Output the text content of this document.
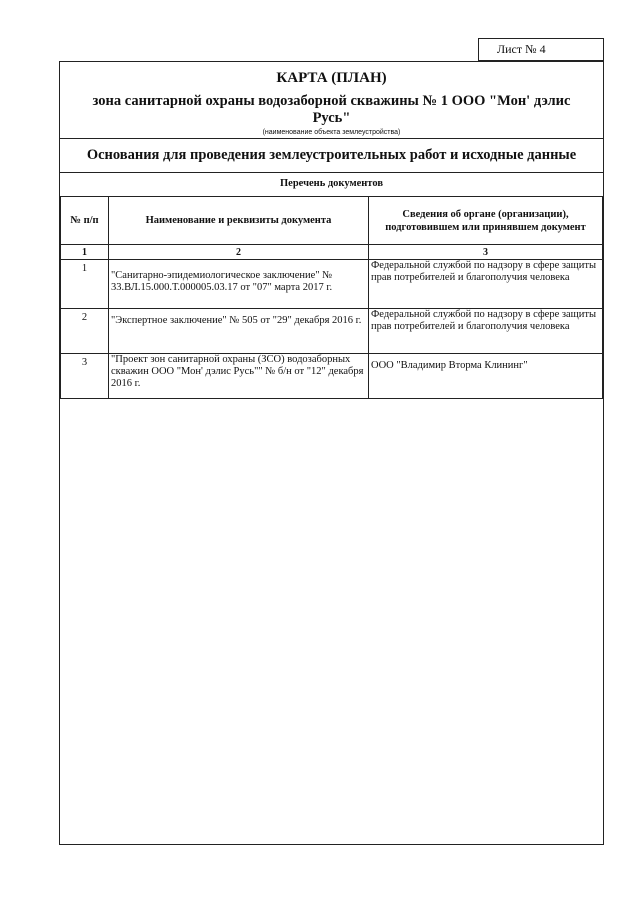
Лист № 4
КАРТА (ПЛАН)
зона санитарной охраны водозаборной скважины № 1 ООО "Мон' дэлис Русь"
(наименование объекта землеустройства)
Основания для проведения землеустроительных работ и исходные данные
Перечень документов
№ п/п	Наименование и реквизиты документа	Сведения об органе (организации), подготовившем или принявшем документ
1	2	3
1	"Санитарно-эпидемиологическое заключение" № 33.ВЛ.15.000.Т.000005.03.17 от "07" марта 2017 г.	Федеральной службой по надзору в сфере защиты прав потребителей и благополучия человека
2	"Экспертное заключение" № 505 от "29" декабря 2016 г.	Федеральной службой по надзору в сфере защиты прав потребителей и благополучия человека
3	"Проект зон санитарной охраны (ЗСО) водозаборных скважин ООО "Мон' дэлис Русь"" № б/н от "12" декабря 2016 г.	ООО "Владимир Вторма Клининг"
